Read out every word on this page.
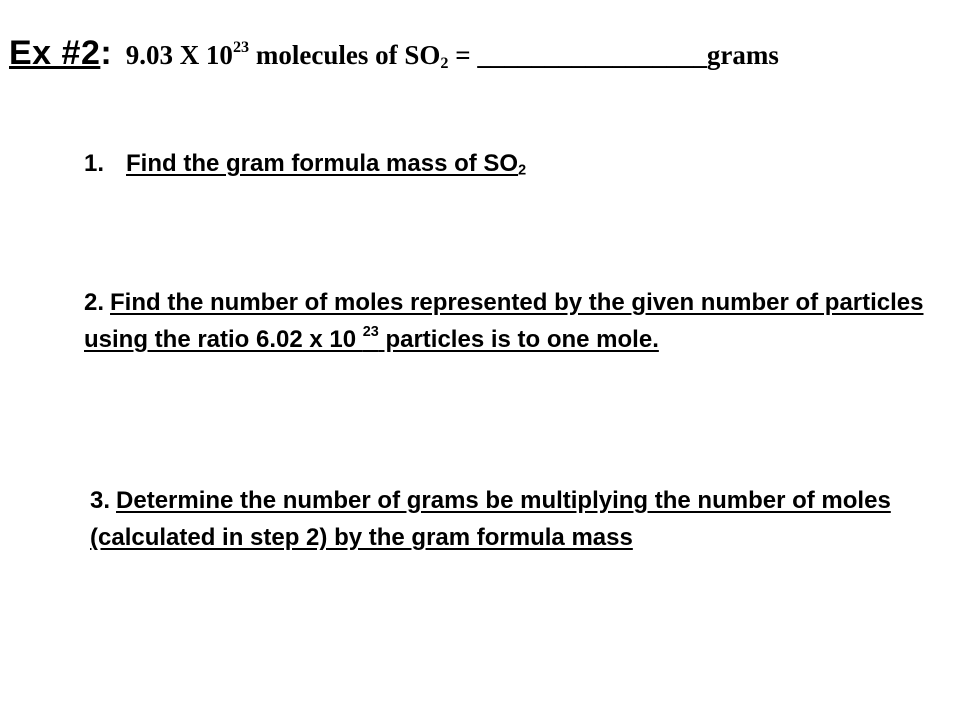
Ex #2: 9.03 X $10^{23}$ molecules of $SO_2$ = _________________grams
1. Find the gram formula mass of $SO_2$
2. Find the number of moles represented by the given number of particles using the ratio 6.02 x 10 $^{23}$ particles is to one mole.
3. Determine the number of grams be multiplying the number of moles (calculated in step 2) by the gram formula mass
